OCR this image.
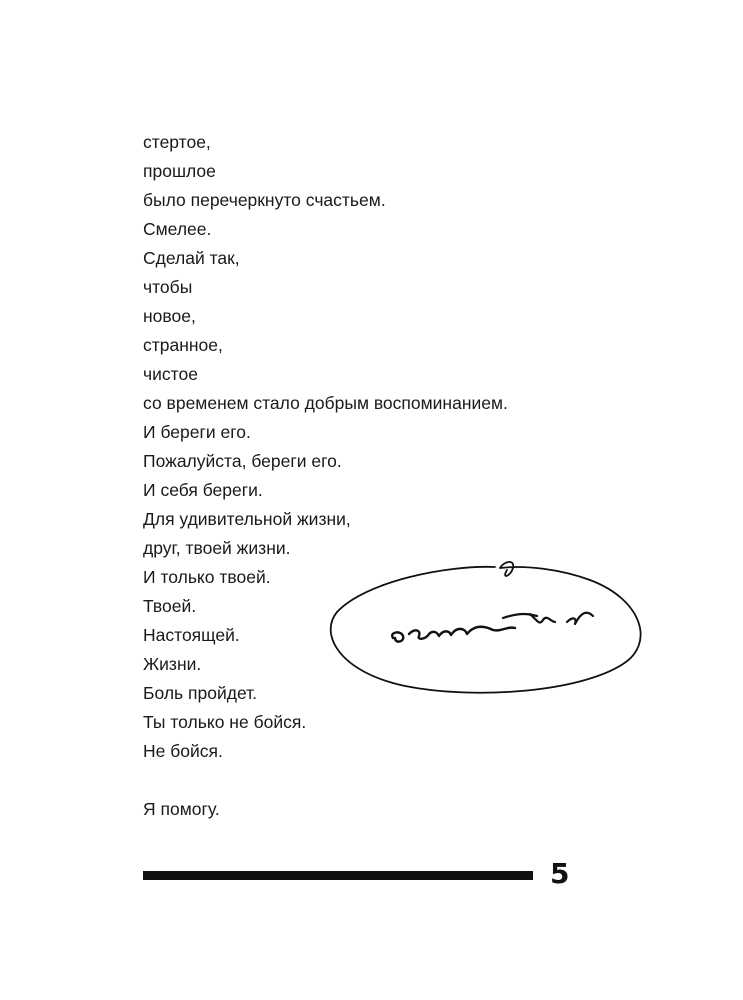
стертое,
прошлое
было перечеркнуто счастьем.
Смелее.
Сделай так,
чтобы
новое,
странное,
чистое
со временем стало добрым воспоминанием.
И береги его.
Пожалуйста, береги его.
И себя береги.
Для удивительной жизни,
друг, твоей жизни.
И только твоей.
Твоей.
Настоящей.
Жизни.
Боль пройдет.
Ты только не бойся.
Не бойся.
Я помогу.
5
